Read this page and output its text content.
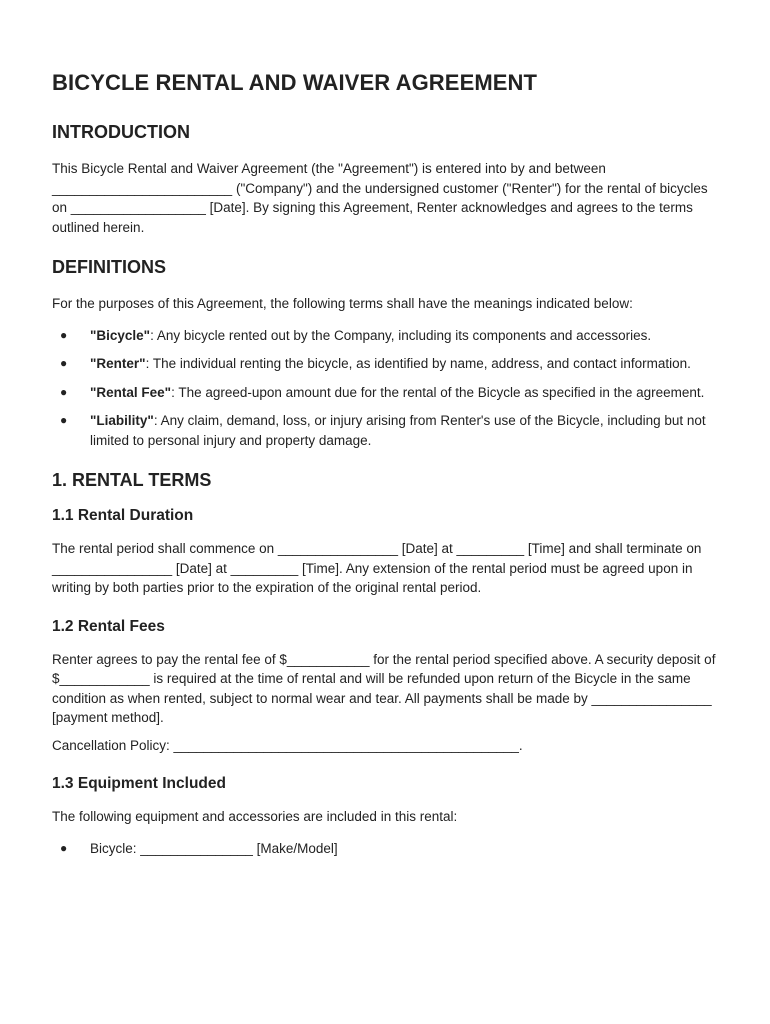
BICYCLE RENTAL AND WAIVER AGREEMENT
INTRODUCTION

This Bicycle Rental and Waiver Agreement (the "Agreement") is entered into by and between ________________________ ("Company") and the undersigned customer ("Renter") for the rental of bicycles on __________________ [Date]. By signing this Agreement, Renter acknowledges and agrees to the terms outlined herein.

DEFINITIONS

For the purposes of this Agreement, the following terms shall have the meanings indicated below:

● "Bicycle": Any bicycle rented out by the Company, including its components and accessories.
● "Renter": The individual renting the bicycle, as identified by name, address, and contact information.
● "Rental Fee": The agreed-upon amount due for the rental of the Bicycle as specified in the agreement.
● "Liability": Any claim, demand, loss, or injury arising from Renter's use of the Bicycle, including but not limited to personal injury and property damage.
1. RENTAL TERMS
1.1 Rental Duration

The rental period shall commence on ________________ [Date] at _________ [Time] and shall terminate on ________________ [Date] at _________ [Time]. Any extension of the rental period must be agreed upon in writing by both parties prior to the expiration of the original rental period.

1.2 Rental Fees

Renter agrees to pay the rental fee of $___________ for the rental period specified above. A security deposit of $____________ is required at the time of rental and will be refunded upon return of the Bicycle in the same condition as when rented, subject to normal wear and tear. All payments shall be made by ________________ [payment method].

Cancellation Policy: ______________________________________________.

1.3 Equipment Included

The following equipment and accessories are included in this rental:

● Bicycle: _______________ [Make/Model]
